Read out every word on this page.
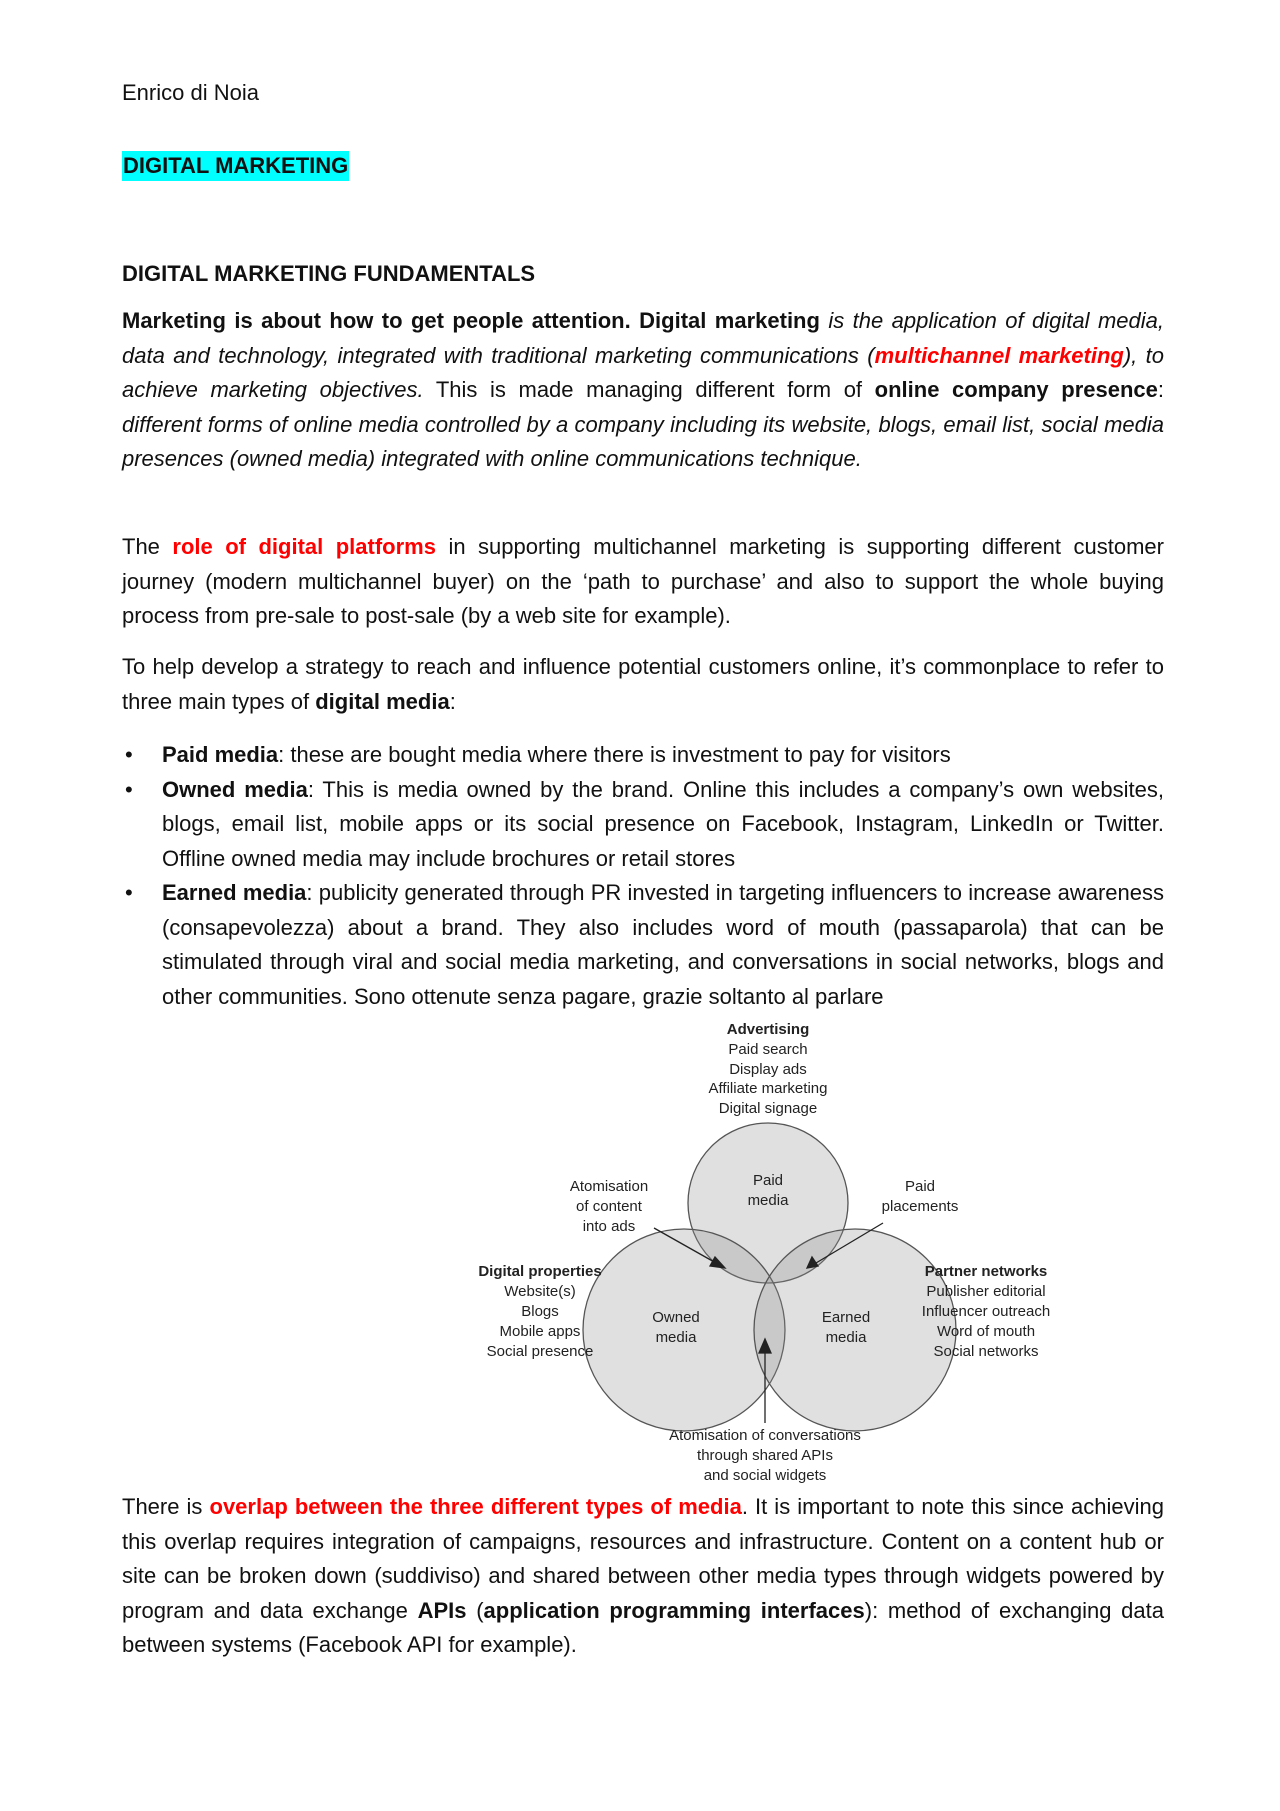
Enrico di Noia
DIGITAL MARKETING
DIGITAL MARKETING FUNDAMENTALS

Marketing is about how to get people attention. Digital marketing is the application of digital media, data and technology, integrated with traditional marketing communications (multichannel marketing), to achieve marketing objectives. This is made managing different form of online company presence: different forms of online media controlled by a company including its website, blogs, email list, social media presences (owned media) integrated with online communications technique.

The role of digital platforms in supporting multichannel marketing is supporting different customer journey (modern multichannel buyer) on the ‘path to purchase’ and also to support the whole buying process from pre-sale to post-sale (by a web site for example).

To help develop a strategy to reach and influence potential customers online, it’s commonplace to refer to three main types of digital media:

• Paid media: these are bought media where there is investment to pay for visitors
• Owned media: This is media owned by the brand. Online this includes a company’s own websites, blogs, email list, mobile apps or its social presence on Facebook, Instagram, LinkedIn or Twitter. Offline owned media may include brochures or retail stores
• Earned media: publicity generated through PR invested in targeting influencers to increase awareness (consapevolezza) about a brand. They also includes word of mouth (passaparola) that can be stimulated through viral and social media marketing, and conversations in social networks, blogs and other communities. Sono ottenute senza pagare, grazie soltanto al parlare
Advertising
Paid search
Display ads
Affiliate marketing
Digital signage
Paid
media
Owned
media
Earned
media
Atomisation
of content
into ads
Paid
placements
Digital properties
Website(s)
Blogs
Mobile apps
Social presence
Partner networks
Publisher editorial
Influencer outreach
Word of mouth
Social networks
Atomisation of conversations
through shared APIs
and social widgets

There is overlap between the three different types of media. It is important to note this since achieving this overlap requires integration of campaigns, resources and infrastructure. Content on a content hub or site can be broken down (suddiviso) and shared between other media types through widgets powered by program and data exchange APIs (application programming interfaces): method of exchanging data between systems (Facebook API for example).
